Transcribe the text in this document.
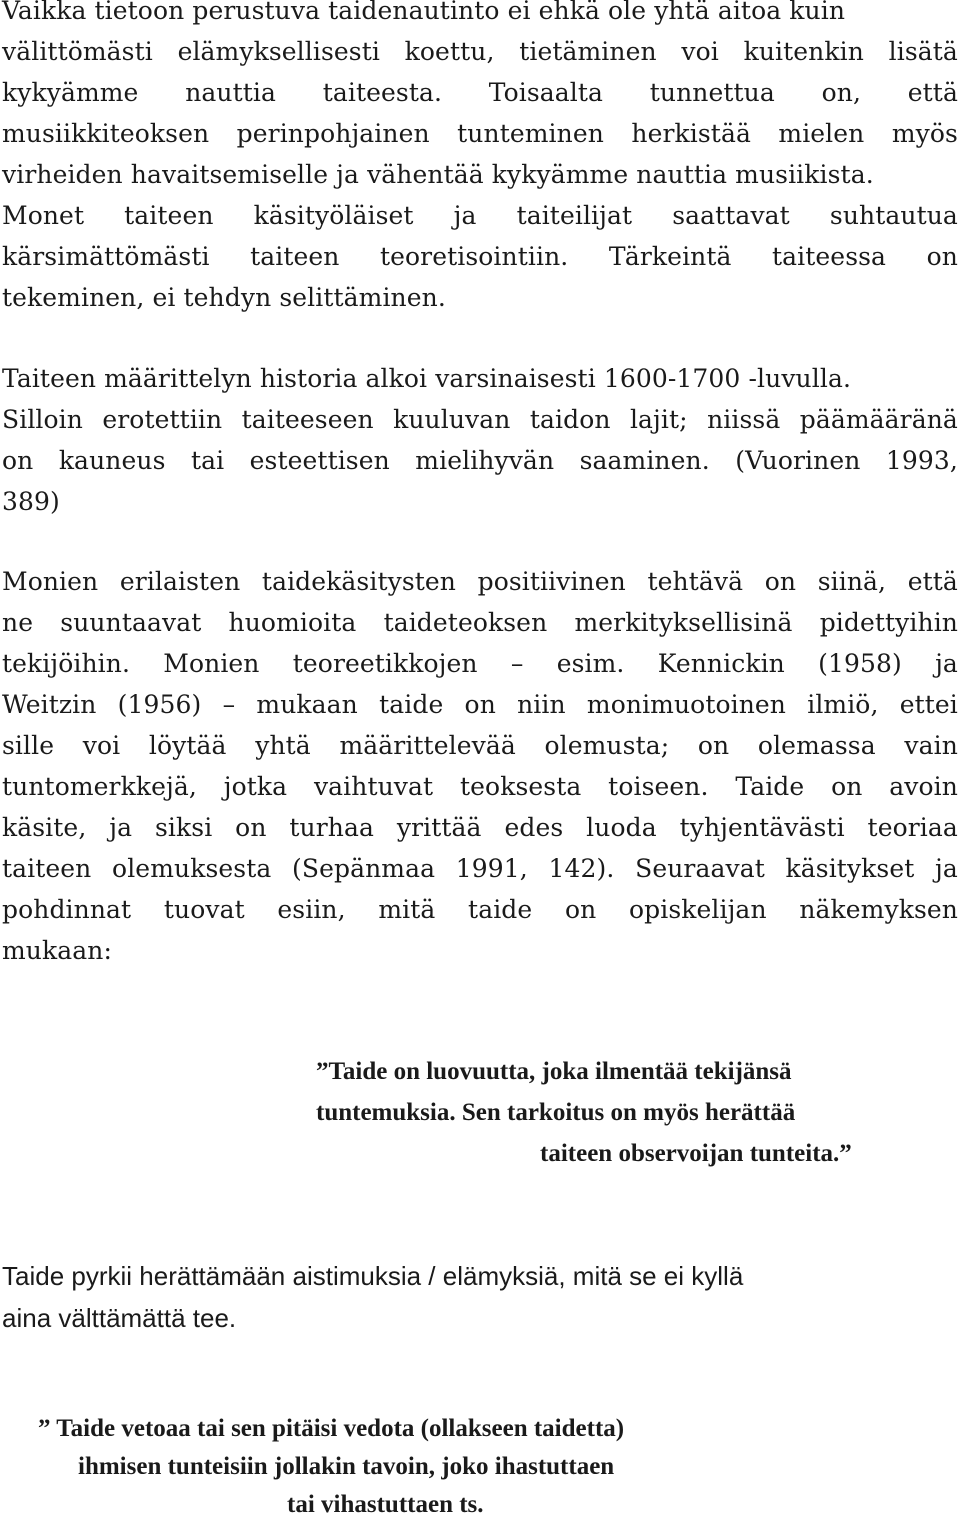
Vaikka tietoon perustuva taidenautinto ei ehkä ole yhtä aitoa kuin
välittömästi elämyksellisesti koettu, tietäminen voi kuitenkin lisätä
kykyämme nauttia taiteesta. Toisaalta tunnettua on, että
musiikkiteoksen perinpohjainen tunteminen herkistää mielen myös
virheiden havaitsemiselle ja vähentää kykyämme nauttia musiikista.
Monet taiteen käsityöläiset ja taiteilijat saattavat suhtautua
kärsimättömästi taiteen teoretisointiin. Tärkeintä taiteessa on
tekeminen, ei tehdyn selittäminen.
Taiteen määrittelyn historia alkoi varsinaisesti 1600-1700 -luvulla.
Silloin erotettiin taiteeseen kuuluvan taidon lajit; niissä päämääränä
on kauneus tai esteettisen mielihyvän saaminen. (Vuorinen 1993,
389)
Monien erilaisten taidekäsitysten positiivinen tehtävä on siinä, että
ne suuntaavat huomioita taideteoksen merkityksellisinä pidettyihin
tekijöihin. Monien teoreetikkojen – esim. Kennickin (1958) ja
Weitzin (1956) – mukaan taide on niin monimuotoinen ilmiö, ettei
sille voi löytää yhtä määrittelevää olemusta; on olemassa vain
tuntomerkkejä, jotka vaihtuvat teoksesta toiseen. Taide on avoin
käsite, ja siksi on turhaa yrittää edes luoda tyhjentävästi teoriaa
taiteen olemuksesta (Sepänmaa 1991, 142). Seuraavat käsitykset ja
pohdinnat tuovat esiin, mitä taide on opiskelijan näkemyksen
mukaan:
”Taide on luovuutta, joka ilmentää tekijänsä
tuntemuksia. Sen tarkoitus on myös herättää
taiteen observoijan tunteita.”
Taide pyrkii herättämään aistimuksia / elämyksiä, mitä se ei kyllä
aina välttämättä tee.
” Taide vetoaa tai sen pitäisi vedota (ollakseen taidetta)
ihmisen tunteisiin jollakin tavoin, joko ihastuttaen
tai vihastuttaen ts.
